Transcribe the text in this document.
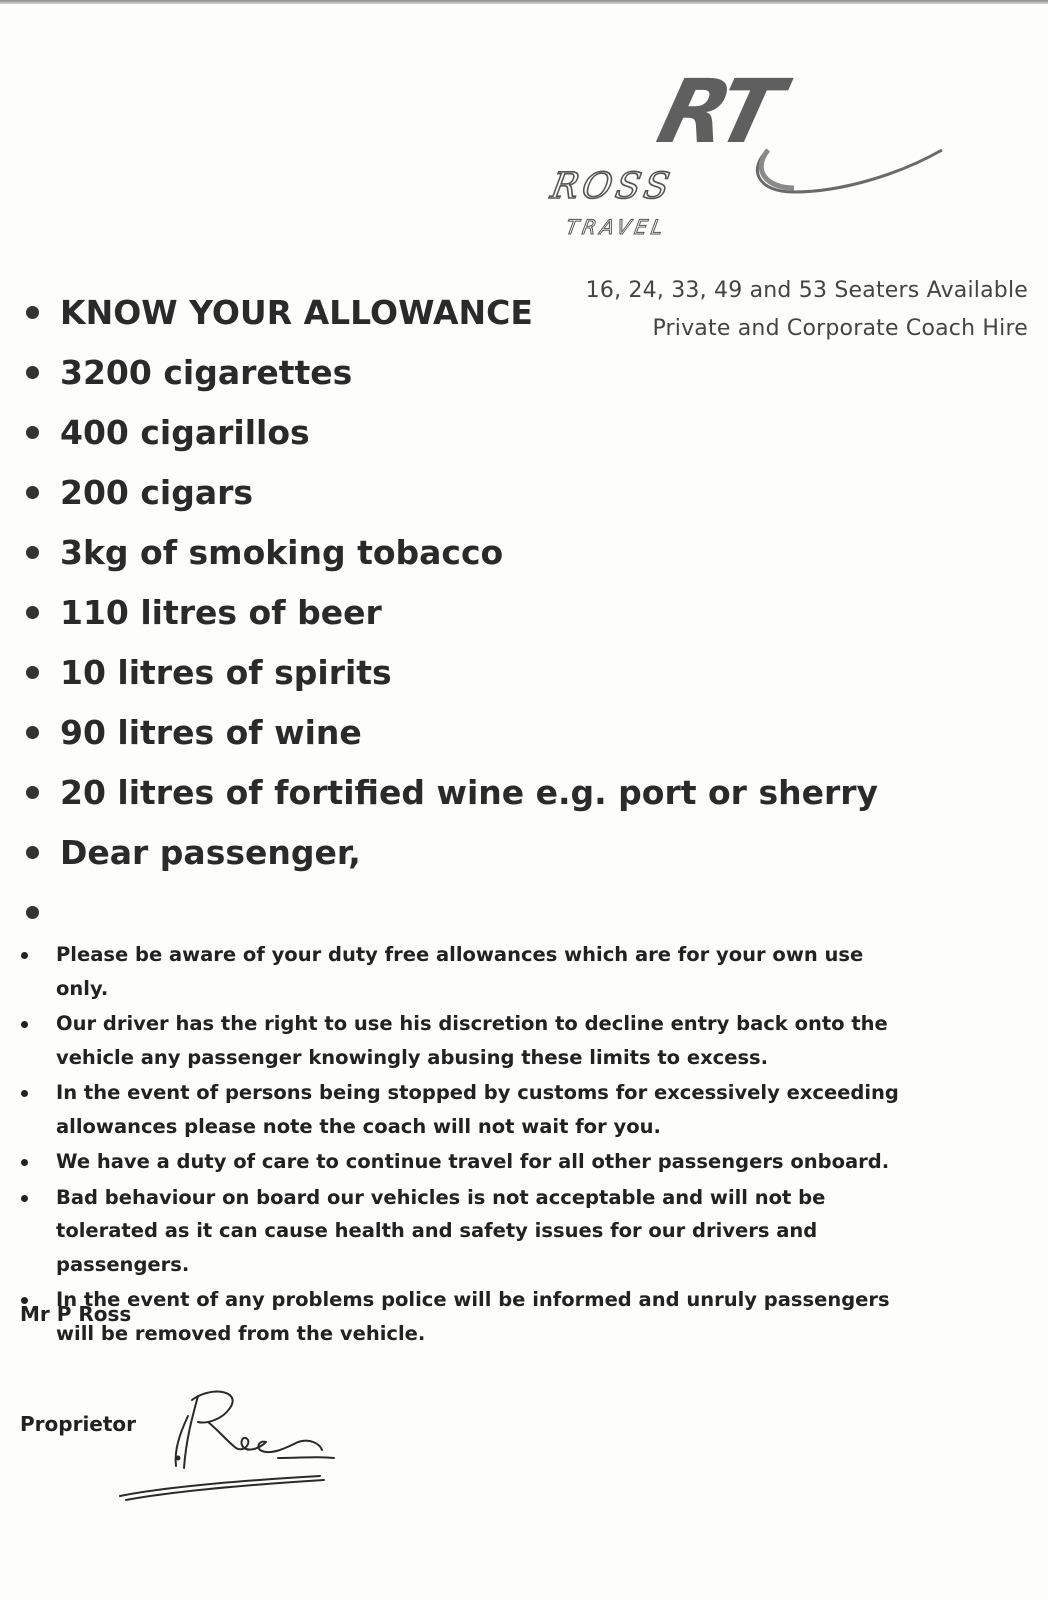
RT
ROSS
TRAVEL
16, 24, 33, 49 and 53 Seaters Available
Private and Corporate Coach Hire
KNOW YOUR ALLOWANCE
3200 cigarettes
400 cigarillos
200 cigars
3kg of smoking tobacco
110 litres of beer
10 litres of spirits
90 litres of wine
20 litres of fortified wine e.g. port or sherry
Dear passenger,
Please be aware of your duty free allowances which are for your own use only.
Our driver has the right to use his discretion to decline entry back onto the vehicle any passenger knowingly abusing these limits to excess.
In the event of persons being stopped by customs for excessively exceeding allowances please note the coach will not wait for you.
We have a duty of care to continue travel for all other passengers onboard.
Bad behaviour on board our vehicles is not acceptable and will not be tolerated as it can cause health and safety issues for our drivers and passengers.
In the event of any problems police will be informed and unruly passengers will be removed from the vehicle.
Mr P Ross
Proprietor
